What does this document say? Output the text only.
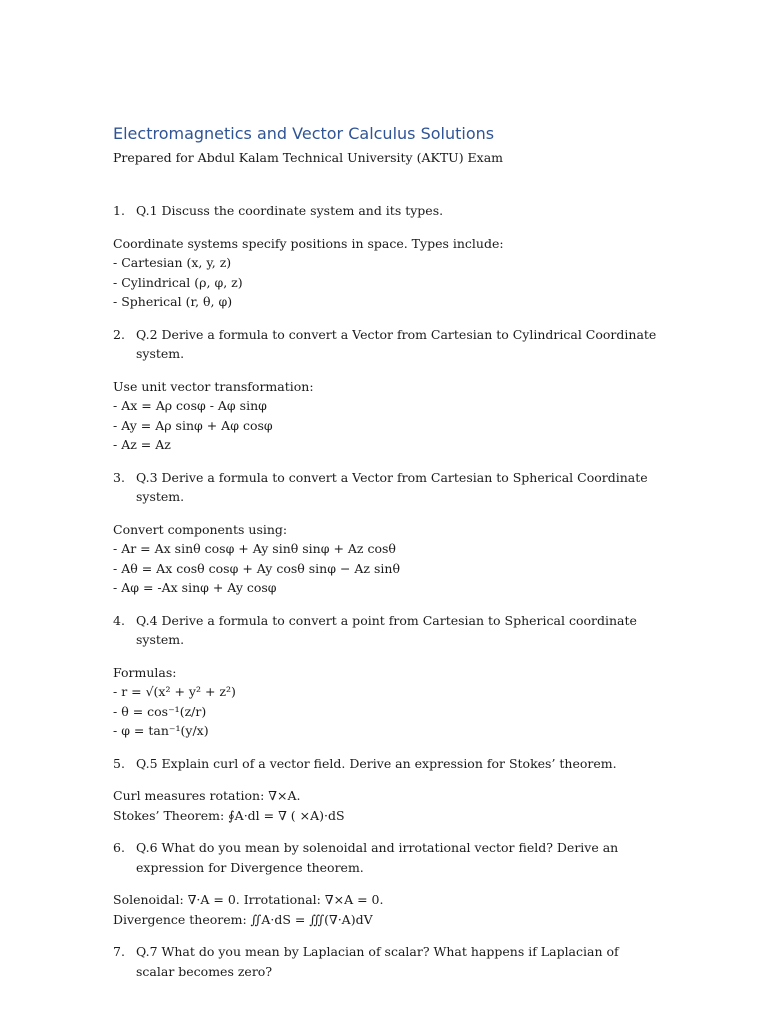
Electromagnetics and Vector Calculus Solutions

Prepared for Abdul Kalam Technical University (AKTU) Exam

1. Q.1 Discuss the coordinate system and its types.
Coordinate systems specify positions in space. Types include:
- Cartesian (x, y, z)
- Cylindrical (ρ, φ, z)
- Spherical (r, θ, φ)
2. Q.2 Derive a formula to convert a Vector from Cartesian to Cylindrical Coordinate system.
Use unit vector transformation:
- Ax = Aρ cosφ - Aφ sinφ
- Ay = Aρ sinφ + Aφ cosφ
- Az = Az
3. Q.3 Derive a formula to convert a Vector from Cartesian to Spherical Coordinate system.
Convert components using:
- Ar = Ax sinθ cosφ + Ay sinθ sinφ + Az cosθ
- Aθ = Ax cosθ cosφ + Ay cosθ sinφ − Az sinθ
- Aφ = -Ax sinφ + Ay cosφ
4. Q.4 Derive a formula to convert a point from Cartesian to Spherical coordinate system.
Formulas:
- r = √(x² + y² + z²)
- θ = cos⁻¹(z/r)
- φ = tan⁻¹(y/x)
5. Q.5 Explain curl of a vector field. Derive an expression for Stokes’ theorem.
Curl measures rotation: ∇×A.
Stokes’ Theorem: ∮A·dl = ∇ ( ×A)·dS
6. Q.6 What do you mean by solenoidal and irrotational vector field? Derive an expression for Divergence theorem.
Solenoidal: ∇·A = 0. Irrotational: ∇×A = 0.
Divergence theorem: ∬A·dS = ∭(∇·A)dV
7. Q.7 What do you mean by Laplacian of scalar? What happens if Laplacian of scalar becomes zero?
